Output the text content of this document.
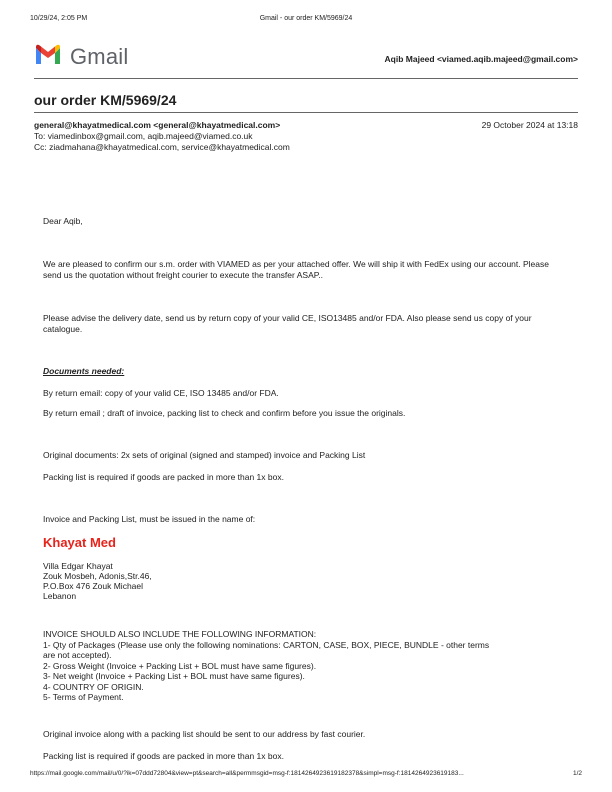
10/29/24, 2:05 PM	Gmail - our order KM/5969/24
Gmail	Aqib Majeed <viamed.aqib.majeed@gmail.com>
our order KM/5969/24
general@khayatmedical.com <general@khayatmedical.com>	29 October 2024 at 13:18
To: viamedinbox@gmail.com, aqib.majeed@viamed.co.uk
Cc: ziadmahana@khayatmedical.com, service@khayatmedical.com
Dear Aqib,
We are pleased to confirm our s.m. order with VIAMED as per your attached offer. We will ship it with FedEx using our account. Please send us the quotation without freight courier to execute the transfer ASAP..
Please advise the delivery date, send us by return copy of your valid CE, ISO13485 and/or FDA. Also please send us copy of your catalogue.
Documents needed:
By return email: copy of your valid CE, ISO 13485 and/or FDA.
By return email ; draft of invoice, packing list to check and confirm before you issue the originals.
Original documents: 2x sets of original (signed and stamped) invoice and Packing List
Packing list is required if goods are packed in more than 1x box.
Invoice and Packing List, must be issued in the name of:
Khayat Med
Villa Edgar Khayat
Zouk Mosbeh, Adonis,Str.46,
P.O.Box 476 Zouk Michael
Lebanon
INVOICE SHOULD ALSO INCLUDE THE FOLLOWING INFORMATION:
1- Qty of Packages (Please use only the following nominations: CARTON, CASE, BOX, PIECE, BUNDLE - other terms
are not accepted).
2- Gross Weight (Invoice + Packing List + BOL must have same figures).
3- Net weight (Invoice + Packing List + BOL must have same figures).
4- COUNTRY OF ORIGIN.
5- Terms of Payment.
Original invoice along with a packing list should be sent to our address by fast courier.
Packing list is required if goods are packed in more than 1x box.
https://mail.google.com/mail/u/0/?ik=07ddd72804&view=pt&search=all&permmsgid=msg-f:1814264923619182378&simpl=msg-f:1814264923619183...	1/2
